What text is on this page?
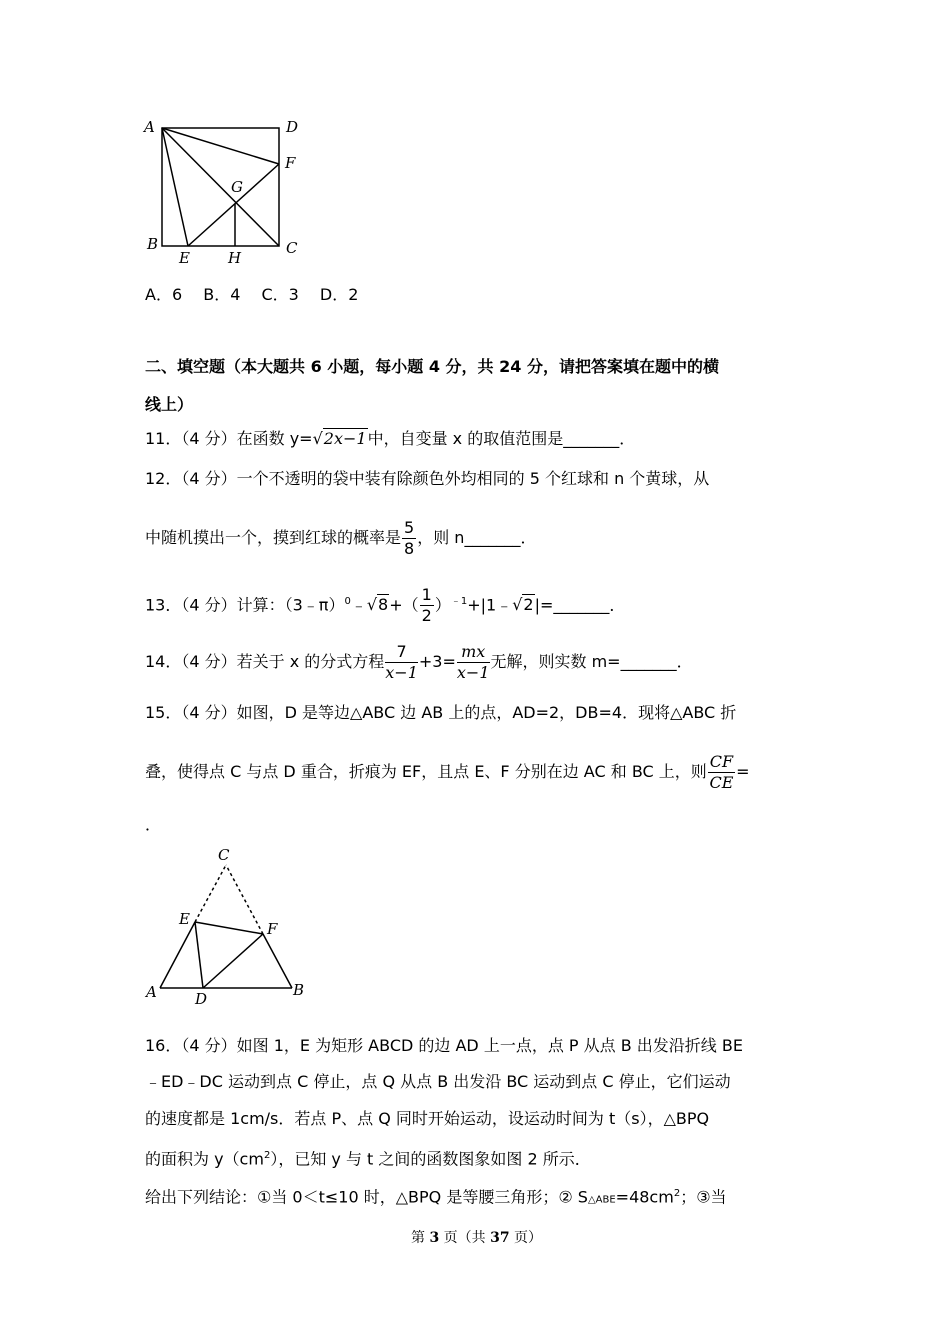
A	D
F
G
B
E	H
C
A．6　 B．4　 C．3　 D．2
二、填空题（本大题共 6 小题，每小题 4 分，共 24 分，请把答案填在题中的横
线上）
11．（4 分）在函数 y=√2x−1中，自变量 x 的取值范围是_______．
12．（4 分）一个不透明的袋中装有除颜色外均相同的 5 个红球和 n 个黄球，从
中随机摸出一个，摸到红球的概率是 $\frac{5}{8}$ ，则 n_______．
13．（4 分）计算：（3﹣π）$^0$﹣√8+（ $\frac{1}{2}$ ）$^{﹣1}$+|1﹣√2|=_______．
14．（4 分）若关于 x 的分式方程 $\frac{7}{x-1} +3= \frac{mx}{x-1}$ 无解，则实数 m=_______．
15．（4 分）如图，D 是等边△ABC 边 AB 上的点，AD=2，DB=4．现将△ABC 折
叠，使得点 C 与点 D 重合，折痕为 EF，且点 E、F 分别在边 AC 和 BC 上，则 $\frac{CF}{CE}$ =
．
C
E
F
A	D	B
16．（4 分）如图 1，E 为矩形 ABCD 的边 AD 上一点，点 P 从点 B 出发沿折线 BE
﹣ED﹣DC 运动到点 C 停止，点 Q 从点 B 出发沿 BC 运动到点 C 停止，它们运动
的速度都是 1cm/s．若点 P、点 Q 同时开始运动，设运动时间为 t（s），△BPQ
的面积为 $y(cm^2)$，已知 y 与 t 之间的函数图象如图 2 所示．
给出下列结论：①当 0＜t≤10 时，△BPQ 是等腰三角形；② $S\triangle ABE=48cm^2$；③当
第 3 页（共 37 页）
